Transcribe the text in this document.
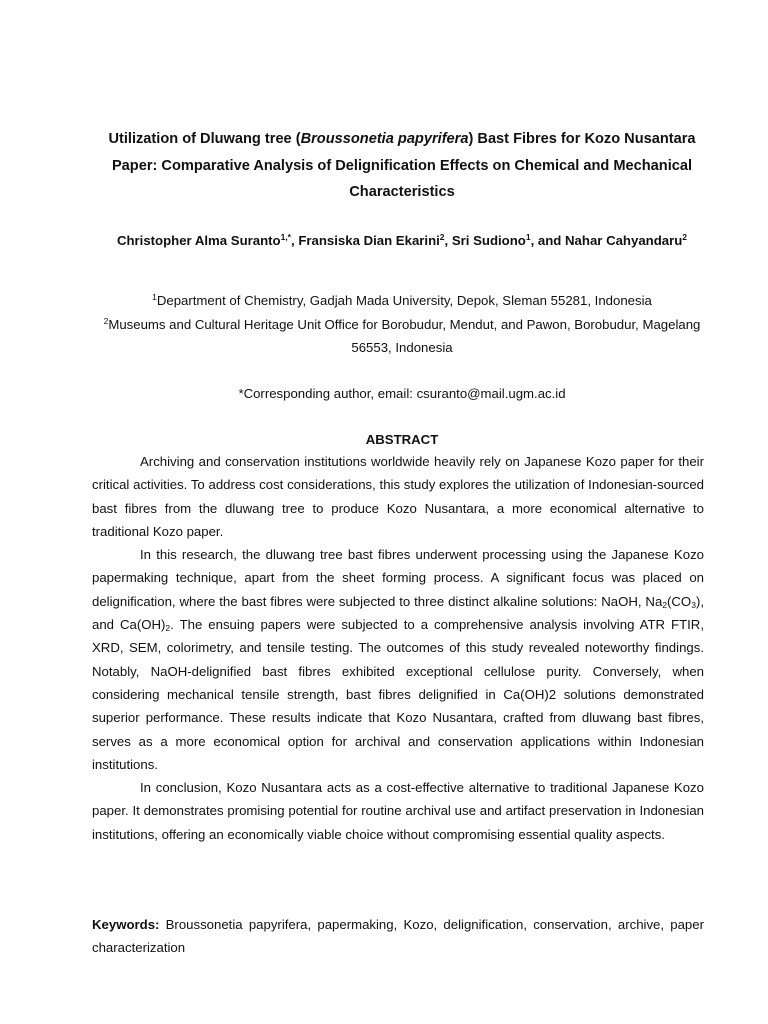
Utilization of Dluwang tree (Broussonetia papyrifera) Bast Fibres for Kozo Nusantara Paper: Comparative Analysis of Delignification Effects on Chemical and Mechanical Characteristics
Christopher Alma Suranto$^{1,*}$, Fransiska Dian Ekarini$^2$, Sri Sudiono$^1$, and Nahar Cahyandaru$^2$
$^1$Department of Chemistry, Gadjah Mada University, Depok, Sleman 55281, Indonesia
$^2$Museums and Cultural Heritage Unit Office for Borobudur, Mendut, and Pawon, Borobudur, Magelang 56553, Indonesia
*Corresponding author, email: csuranto@mail.ugm.ac.id
ABSTRACT

Archiving and conservation institutions worldwide heavily rely on Japanese Kozo paper for their critical activities. To address cost considerations, this study explores the utilization of Indonesian-sourced bast fibres from the dluwang tree to produce Kozo Nusantara, a more economical alternative to traditional Kozo paper.

In this research, the dluwang tree bast fibres underwent processing using the Japanese Kozo papermaking technique, apart from the sheet forming process. A significant focus was placed on delignification, where the bast fibres were subjected to three distinct alkaline solutions: NaOH, $Na_2(CO_3)$, and $Ca(OH)_2$. The ensuing papers were subjected to a comprehensive analysis involving ATR FTIR, XRD, SEM, colorimetry, and tensile testing. The outcomes of this study revealed noteworthy findings. Notably, NaOH-delignified bast fibres exhibited exceptional cellulose purity. Conversely, when considering mechanical tensile strength, bast fibres delignified in Ca(OH)2 solutions demonstrated superior performance. These results indicate that Kozo Nusantara, crafted from dluwang bast fibres, serves as a more economical option for archival and conservation applications within Indonesian institutions.

In conclusion, Kozo Nusantara acts as a cost-effective alternative to traditional Japanese Kozo paper. It demonstrates promising potential for routine archival use and artifact preservation in Indonesian institutions, offering an economically viable choice without compromising essential quality aspects.

Keywords: Broussonetia papyrifera, papermaking, Kozo, delignification, conservation, archive, paper characterization
